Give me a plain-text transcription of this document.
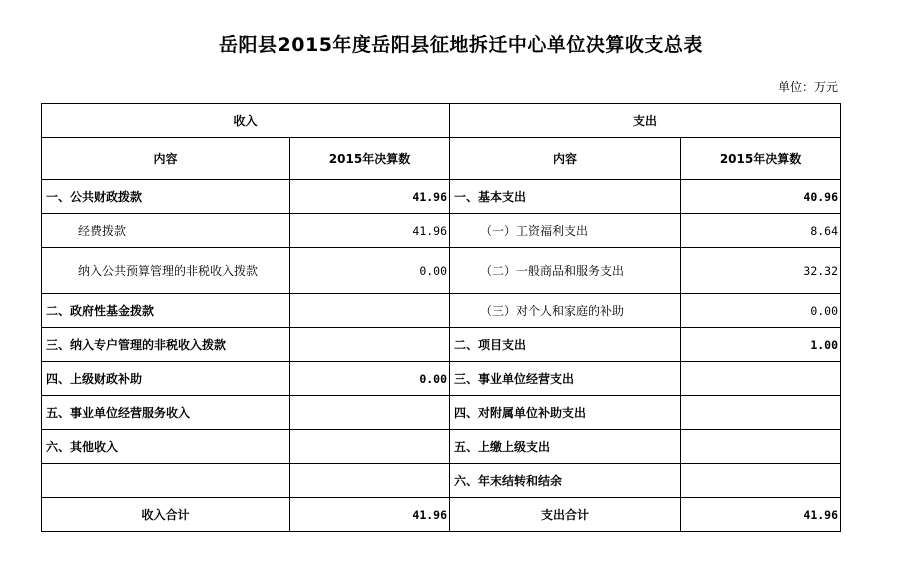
岳阳县2015年度岳阳县征地拆迁中心单位决算收支总表
单位：万元
收入		支出	
内容	2015年决算数	内容	2015年决算数
一、公共财政拨款	41.96	一、基本支出	40.96
经费拨款	41.96	（一）工资福利支出	8.64
纳入公共预算管理的非税收入拨款	0.00	（二）一般商品和服务支出	32.32
二、政府性基金拨款		（三）对个人和家庭的补助	0.00
三、纳入专户管理的非税收入拨款		二、项目支出	1.00
四、上级财政补助	0.00	三、事业单位经营支出	
五、事业单位经营服务收入		四、对附属单位补助支出	
六、其他收入		五、上缴上级支出	
		六、年末结转和结余	
收入合计	41.96	支出合计	41.96
